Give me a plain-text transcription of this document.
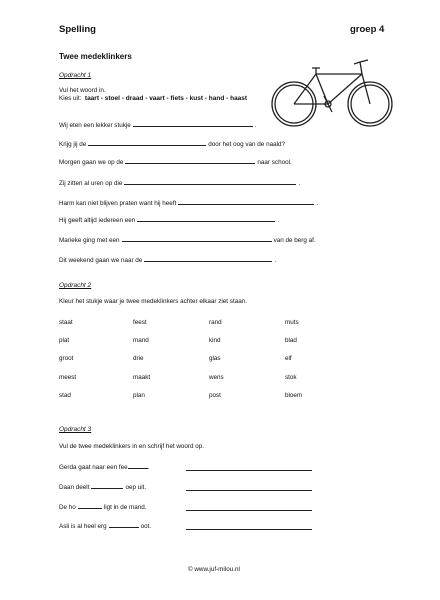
Spelling	groep 4
Twee medeklinkers
Opdracht 1
Vul het woord in.
Kies uit: taart - stoel - draad - vaart - fiets - kust - hand - haast
Wij eten een lekker stukje	.
Krijg jij de	door het oog van de naald?
Morgen gaan we op de	naar school.
Zij zitten al uren op die	.
Harm kan niet blijven praten want hij heeft	.
Hij geeft altijd iedereen een	.
Marieke ging met een	van de berg af.
Dit weekend gaan we naar de	.
Opdracht 2
Kleur het stukje waar je twee medeklinkers achter elkaar ziet staan.
staat	feest	rand	muts
plat	mand	kind	blad
groot	drie	glas	elf
meest	maakt	wens	stok
stad	plan	post	bloem
Opdracht 3
Vul de twee medeklinkers in en schrijf het woord op.
Gerda gaat naar een fee	.
Daan deelt	oep uit.
De ho	ligt in de mand.
Asli is al heel erg	oot.
© www.juf-milou.nl
